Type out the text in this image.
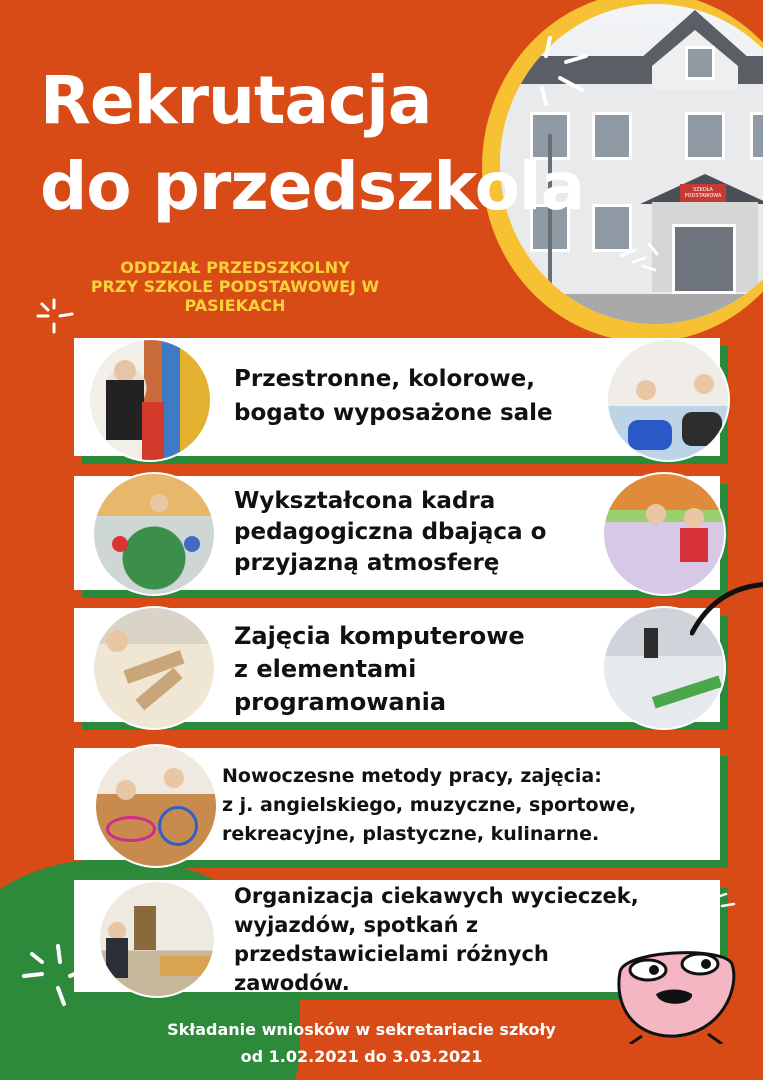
SZKOŁA PODSTAWOWA
Rekrutacja
do przedszkola
ODDZIAŁ PRZEDSZKOLNY
PRZY SZKOLE PODSTAWOWEJ W
PASIEKACH
Przestronne, kolorowe,
bogato wyposażone sale
Wykształcona kadra
pedagogiczna dbająca o
przyjazną atmosferę
Zajęcia komputerowe
z elementami
programowania
Nowoczesne metody pracy, zajęcia:
z j. angielskiego, muzyczne, sportowe,
rekreacyjne, plastyczne, kulinarne.
Organizacja ciekawych wycieczek,
wyjazdów, spotkań z
przedstawicielami różnych
zawodów.
Składanie wniosków w sekretariacie szkoły
od 1.02.2021 do 3.03.2021
